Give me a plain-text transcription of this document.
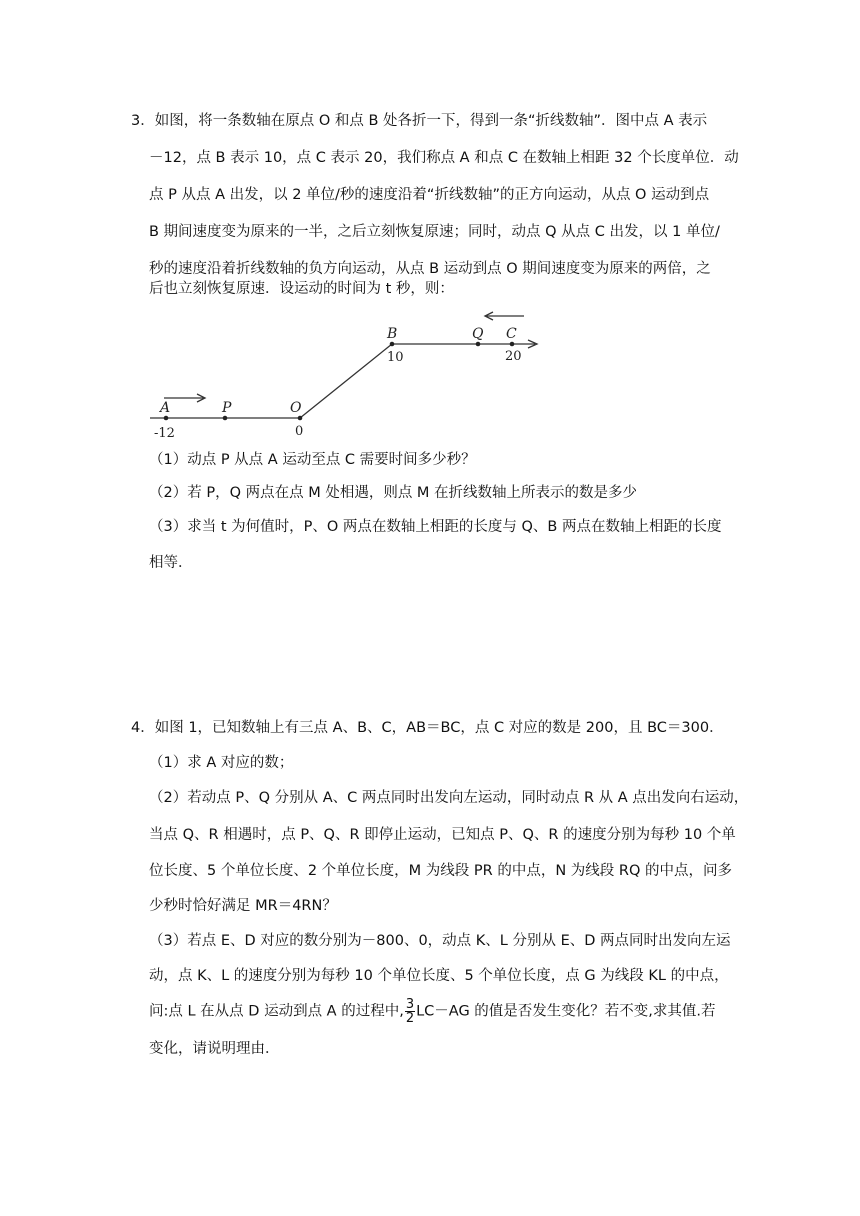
3．如图，将一条数轴在原点 O 和点 B 处各折一下，得到一条“折线数轴”．图中点 A 表示
－12，点 B 表示 10，点 C 表示 20，我们称点 A 和点 C 在数轴上相距 32 个长度单位．动
点 P 从点 A 出发，以 2 单位/秒的速度沿着“折线数轴”的正方向运动，从点 O 运动到点
B 期间速度变为原来的一半，之后立刻恢复原速；同时，动点 Q 从点 C 出发，以 1 单位/
秒的速度沿着折线数轴的负方向运动，从点 B 运动到点 O 期间速度变为原来的两倍，之
后也立刻恢复原速．设运动的时间为 t 秒，则：
A
-12
P	O
0
B
10
Q C
20
（1）动点 P 从点 A 运动至点 C 需要时间多少秒？
（2）若 P，Q 两点在点 M 处相遇，则点 M 在折线数轴上所表示的数是多少
（3）求当 t 为何值时，P、O 两点在数轴上相距的长度与 Q、B 两点在数轴上相距的长度
相等．
4．如图 1，已知数轴上有三点 A、B、C，AB＝BC，点 C 对应的数是 200，且 BC＝300．
（1）求 A 对应的数；
（2）若动点 P、Q 分别从 A、C 两点同时出发向左运动，同时动点 R 从 A 点出发向右运动，
当点 Q、R 相遇时，点 P、Q、R 即停止运动，已知点 P、Q、R 的速度分别为每秒 10 个单
位长度、5 个单位长度、2 个单位长度，M 为线段 PR 的中点，N 为线段 RQ 的中点，问多
少秒时恰好满足 MR＝4RN？
（3）若点 E、D 对应的数分别为－800、0，动点 K、L 分别从 E、D 两点同时出发向左运
动，点 K、L 的速度分别为每秒 10 个单位长度、5 个单位长度，点 G 为线段 KL 的中点，
问:点 L 在从点 D 运动到点 A 的过程中, $\frac{3}{2} LC-AG$ 的值是否发生变化？若不变,求其值.若
变化，请说明理由．
